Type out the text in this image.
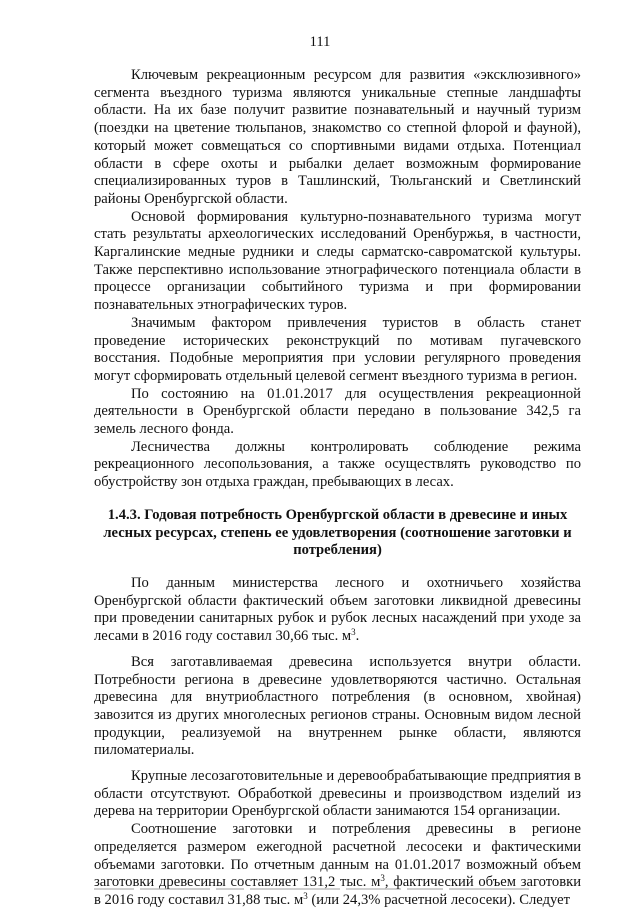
111

Ключевым рекреационным ресурсом для развития «эксклюзивного» сегмента въездного туризма являются уникальные степные ландшафты области. На их базе получит развитие познавательный и научный туризм (поездки на цветение тюльпанов, знакомство со степной флорой и фауной), который может совмещаться со спортивными видами отдыха. Потенциал области в сфере охоты и рыбалки делает возможным формирование специализированных туров в Ташлинский, Тюльганский и Светлинский районы Оренбургской области.

Основой формирования культурно-познавательного туризма могут стать результаты археологических исследований Оренбуржья, в частности, Каргалинские медные рудники и следы сарматско-савроматской культуры. Также перспективно использование этнографического потенциала области в процессе организации событийного туризма и при формировании познавательных этнографических туров.

Значимым фактором привлечения туристов в область станет проведение исторических реконструкций по мотивам пугачевского восстания. Подобные мероприятия при условии регулярного проведения могут сформировать отдельный целевой сегмент въездного туризма в регион.

По состоянию на 01.01.2017 для осуществления рекреационной деятельности в Оренбургской области передано в пользование 342,5 га земель лесного фонда.

Лесничества должны контролировать соблюдение режима рекреационного лесопользования, а также осуществлять руководство по обустройству зон отдыха граждан, пребывающих в лесах.

1.4.3. Годовая потребность Оренбургской области в древесине и иных лесных ресурсах, степень ее удовлетворения (соотношение заготовки и потребления)

По данным министерства лесного и охотничьего хозяйства Оренбургской области фактический объем заготовки ликвидной древесины при проведении санитарных рубок и рубок лесных насаждений при уходе за лесами в 2016 году составил 30,66 тыс. $м^3$.

Вся заготавливаемая древесина используется внутри области. Потребности региона в древесине удовлетворяются частично. Остальная древесина для внутриобластного потребления (в основном, хвойная) завозится из других многолесных регионов страны. Основным видом лесной продукции, реализуемой на внутреннем рынке области, являются пиломатериалы.

Крупные лесозаготовительные и деревообрабатывающие предприятия в области отсутствуют. Обработкой древесины и производством изделий из дерева на территории Оренбургской области занимаются 154 организации.

Соотношение заготовки и потребления древесины в регионе определяется размером ежегодной расчетной лесосеки и фактическими объемами заготовки. По отчетным данным на 01.01.2017 возможный объем заготовки древесины составляет 131,2 тыс. $м^3$, фактический объем заготовки в 2016 году составил 31,88 тыс. $м^3$ (или 24,3% расчетной лесосеки). Следует
